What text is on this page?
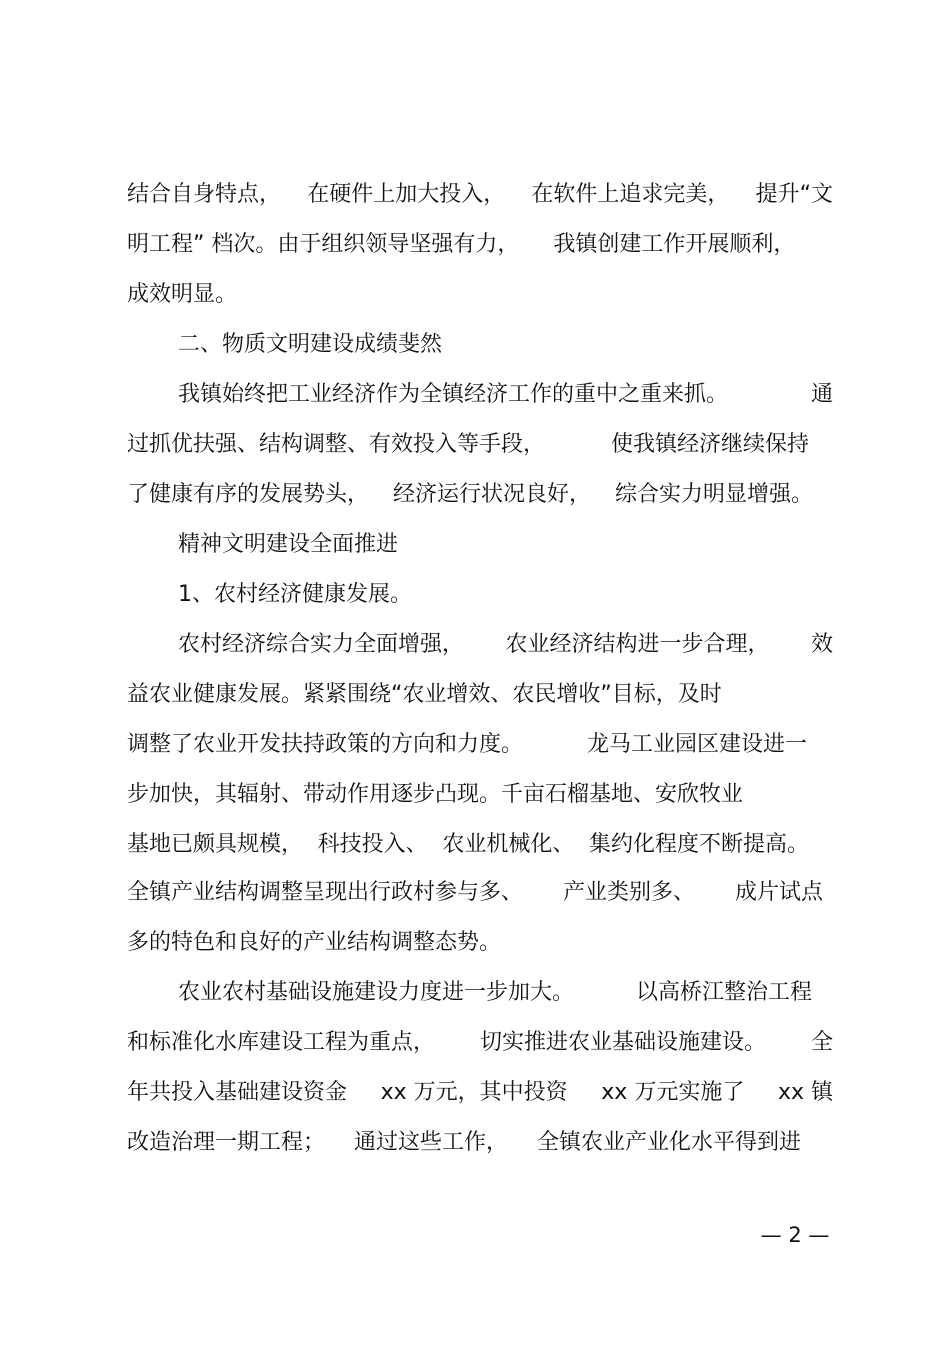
结合自身特点， 在硬件上加大投入， 在软件上追求完美， 提升“文
明工程” 档次。由于组织领导坚强有力， 我镇创建工作开展顺利，
成效明显。
二、物质文明建设成绩斐然
我镇始终把工业经济作为全镇经济工作的重中之重来抓。	通
过抓优扶强、结构调整、有效投入等手段，	使我镇经济继续保持
了健康有序的发展势头， 经济运行状况良好， 综合实力明显增强。
精神文明建设全面推进
1、农村经济健康发展。
农村经济综合实力全面增强， 农业经济结构进一步合理， 效
益农业健康发展。紧紧围绕“农业增效、农民增收”目标，及时
调整了农业开发扶持政策的方向和力度。	龙马工业园区建设进一
步加快，其辐射、带动作用逐步凸现。千亩石榴基地、安欣牧业
基地已颇具规模， 科技投入、 农业机械化、 集约化程度不断提高。
全镇产业结构调整呈现出行政村参与多、 产业类别多、 成片试点
多的特色和良好的产业结构调整态势。
农业农村基础设施建设力度进一步加大。	以高桥江整治工程
和标准化水库建设工程为重点， 切实推进农业基础设施建设。 全
年共投入基础建设资金 xx 万元，其中投资 xx 万元实施了 xx 镇
改造治理一期工程； 通过这些工作， 全镇农业产业化水平得到进
— 2 —
